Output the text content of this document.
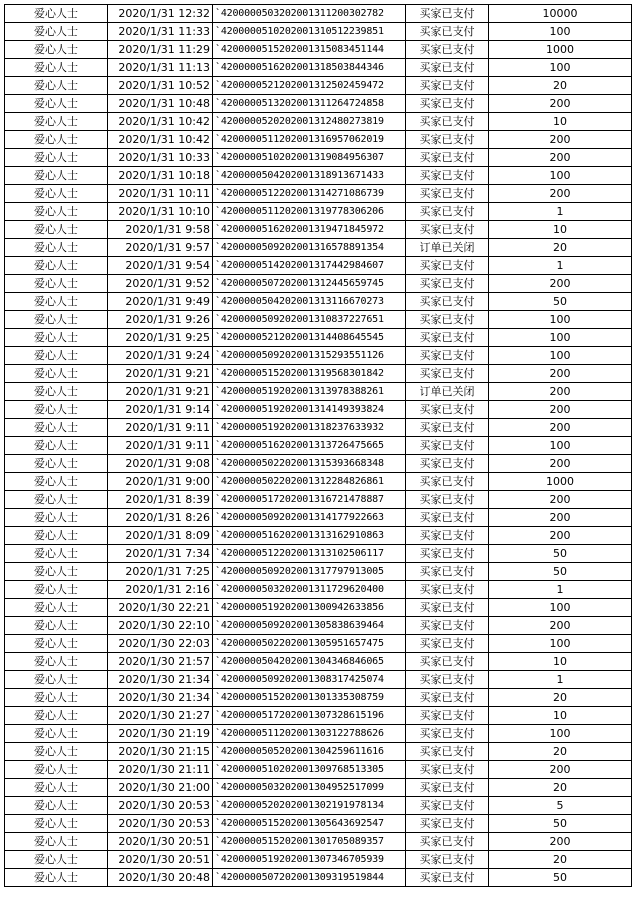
爱心人士	2020/1/31 12:32	`4200000503202001311200302782	买家已支付	10000
爱心人士	2020/1/31 11:33	`4200000510202001310512239851	买家已支付	100
爱心人士	2020/1/31 11:29	`4200000515202001315083451144	买家已支付	1000
爱心人士	2020/1/31 11:13	`4200000516202001318503844346	买家已支付	100
爱心人士	2020/1/31 10:52	`4200000521202001312502459472	买家已支付	20
爱心人士	2020/1/31 10:48	`4200000513202001311264724858	买家已支付	200
爱心人士	2020/1/31 10:42	`4200000520202001312480273819	买家已支付	10
爱心人士	2020/1/31 10:42	`4200000511202001316957062019	买家已支付	200
爱心人士	2020/1/31 10:33	`4200000510202001319084956307	买家已支付	200
爱心人士	2020/1/31 10:18	`4200000504202001318913671433	买家已支付	100
爱心人士	2020/1/31 10:11	`4200000512202001314271086739	买家已支付	200
爱心人士	2020/1/31 10:10	`4200000511202001319778306206	买家已支付	1
爱心人士	2020/1/31 9:58	`4200000516202001319471845972	买家已支付	10
爱心人士	2020/1/31 9:57	`4200000509202001316578891354	订单已关闭	20
爱心人士	2020/1/31 9:54	`4200000514202001317442984607	买家已支付	1
爱心人士	2020/1/31 9:52	`4200000507202001312445659745	买家已支付	200
爱心人士	2020/1/31 9:49	`4200000504202001313116670273	买家已支付	50
爱心人士	2020/1/31 9:26	`4200000509202001310837227651	买家已支付	100
爱心人士	2020/1/31 9:25	`4200000521202001314408645545	买家已支付	100
爱心人士	2020/1/31 9:24	`4200000509202001315293551126	买家已支付	100
爱心人士	2020/1/31 9:21	`4200000515202001319568301842	买家已支付	200
爱心人士	2020/1/31 9:21	`4200000519202001313978388261	订单已关闭	200
爱心人士	2020/1/31 9:14	`4200000519202001314149393824	买家已支付	200
爱心人士	2020/1/31 9:11	`4200000519202001318237633932	买家已支付	200
爱心人士	2020/1/31 9:11	`4200000516202001313726475665	买家已支付	100
爱心人士	2020/1/31 9:08	`4200000502202001315393668348	买家已支付	200
爱心人士	2020/1/31 9:00	`4200000502202001312284826861	买家已支付	1000
爱心人士	2020/1/31 8:39	`4200000517202001316721478887	买家已支付	200
爱心人士	2020/1/31 8:26	`4200000509202001314177922663	买家已支付	200
爱心人士	2020/1/31 8:09	`4200000516202001313162910863	买家已支付	200
爱心人士	2020/1/31 7:34	`4200000512202001313102506117	买家已支付	50
爱心人士	2020/1/31 7:25	`4200000509202001317797913005	买家已支付	50
爱心人士	2020/1/31 2:16	`4200000503202001311729620400	买家已支付	1
爱心人士	2020/1/30 22:21	`4200000519202001300942633856	买家已支付	100
爱心人士	2020/1/30 22:10	`4200000509202001305838639464	买家已支付	200
爱心人士	2020/1/30 22:03	`4200000502202001305951657475	买家已支付	100
爱心人士	2020/1/30 21:57	`4200000504202001304346846065	买家已支付	10
爱心人士	2020/1/30 21:34	`4200000509202001308317425074	买家已支付	1
爱心人士	2020/1/30 21:34	`4200000515202001301335308759	买家已支付	20
爱心人士	2020/1/30 21:27	`4200000517202001307328615196	买家已支付	10
爱心人士	2020/1/30 21:19	`4200000511202001303122788626	买家已支付	100
爱心人士	2020/1/30 21:15	`4200000505202001304259611616	买家已支付	20
爱心人士	2020/1/30 21:11	`4200000510202001309768513305	买家已支付	200
爱心人士	2020/1/30 21:00	`4200000503202001304952517099	买家已支付	20
爱心人士	2020/1/30 20:53	`4200000520202001302191978134	买家已支付	5
爱心人士	2020/1/30 20:53	`4200000515202001305643692547	买家已支付	50
爱心人士	2020/1/30 20:51	`4200000515202001301705089357	买家已支付	200
爱心人士	2020/1/30 20:51	`4200000519202001307346705939	买家已支付	20
爱心人士	2020/1/30 20:48	`4200000507202001309319519844	买家已支付	50
